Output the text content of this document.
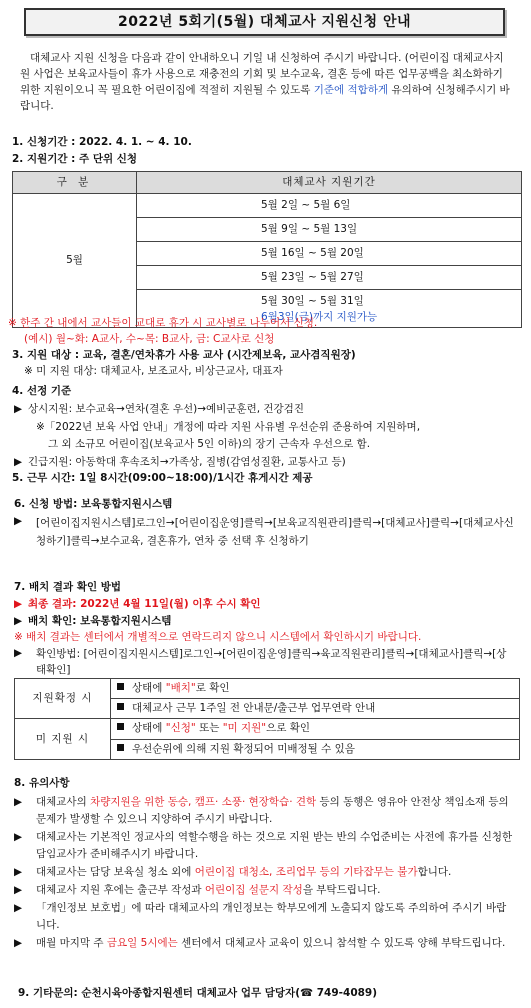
2022년 5회기(5월) 대체교사 지원신청 안내
대체교사 지원 신청을 다음과 같이 안내하오니 기일 내 신청하여 주시기 바랍니다. (어린이집 대체교사지원 사업은 보육교사들이 휴가 사용으로 재충전의 기회 및 보수교육, 결혼 등에 따른 업무공백을 최소화하기 위한 지원이오니 꼭 필요한 어린이집에 적절히 지원될 수 있도록 기준에 적합하게 유의하여 신청해주시기 바랍니다.
1. 신청기간 : 2022. 4. 1. ~ 4. 10.
2. 지원기간 : 주 단위 신청
구 분	대체교사 지원기간
5월	5월 2일 ~ 5월 6일
	5월 9일 ~ 5월 13일
	5월 16일 ~ 5월 20일
	5월 23일 ~ 5월 27일

	5월 30일 ~ 5월 31일
6월3일(금)까지 지원가능
※ 한주 간 내에서 교사들이 교대로 휴가 시 교사별로 나누어서 신청.
(예시) 월~화: A교사, 수~목: B교사, 금: C교사로 신청
3. 지원 대상 : 교육, 결혼/연차휴가 사용 교사 (시간제보육, 교사겸직원장)
※ 미 지원 대상: 대체교사, 보조교사, 비상근교사, 대표자
4. 선정 기준
▶ 상시지원: 보수교육→연차(결혼 우선)→예비군훈련, 건강검진
※「2022년 보육 사업 안내」개정에 따라 지원 사유별 우선순위 준용하여 지원하며,
그 외 소규모 어린이집(보육교사 5인 이하)의 장기 근속자 우선으로 함.
▶ 긴급지원: 아동학대 후속조치→가족상, 질병(감염성질환, 교통사고 등)
5. 근무 시간: 1일 8시간(09:00~18:00)/1시간 휴게시간 제공
6. 신청 방법: 보육통합지원시스템
▶	[어린이집지원시스템]로그인→[어린이집운영]클릭→[보육교직원관리]클릭→[대체교사]클릭→[대체교사신청하기]클릭→보수교육, 결혼휴가, 연차 중 선택 후 신청하기
7. 배치 결과 확인 방법
▶ 최종 결과: 2022년 4월 11일(월) 이후 수시 확인
▶ 배치 확인: 보육통합지원시스템
※ 배치 결과는 센터에서 개별적으로 연락드리지 않으니 시스템에서 확인하시기 바랍니다.
▶	확인방법: [어린이집지원시스템]로그인→[어린이집운영]클릭→육교직원관리]클릭→[대체교사]클릭→[상태확인]
지원확정 시	상태에 "배치"로 확인
	대체교사 근무 1주일 전 안내문/출근부 업무연락 안내
미 지원 시	상태에 "신청" 또는 "미 지원"으로 확인
	우선순위에 의해 지원 확정되어 미배정될 수 있음
8. 유의사항
▶	대체교사의 차량지원을 위한 동승, 캠프· 소풍· 현장학습· 견학 등의 동행은 영유아 안전상 책임소재 등의 문제가 발생할 수 있으니 지양하여 주시기 바랍니다.
▶	대체교사는 기본적인 정교사의 역할수행을 하는 것으로 지원 받는 반의 수업준비는 사전에 휴가를 신청한 담임교사가 준비해주시기 바랍니다.
▶	대체교사는 담당 보육실 청소 외에 어린이집 대청소, 조리업무 등의 기타잡무는 불가합니다.
▶	대체교사 지원 후에는 출근부 작성과 어린이집 설문지 작성을 부탁드립니다.
▶	「개인정보 보호법」에 따라 대체교사의 개인정보는 학부모에게 노출되지 않도록 주의하여 주시기 바랍니다.
▶	매월 마지막 주 금요일 5시에는 센터에서 대체교사 교육이 있으니 참석할 수 있도록 양해 부탁드립니다.
9. 기타문의: 순천시육아종합지원센터 대체교사 업무 담당자(☎ 749-4089)
